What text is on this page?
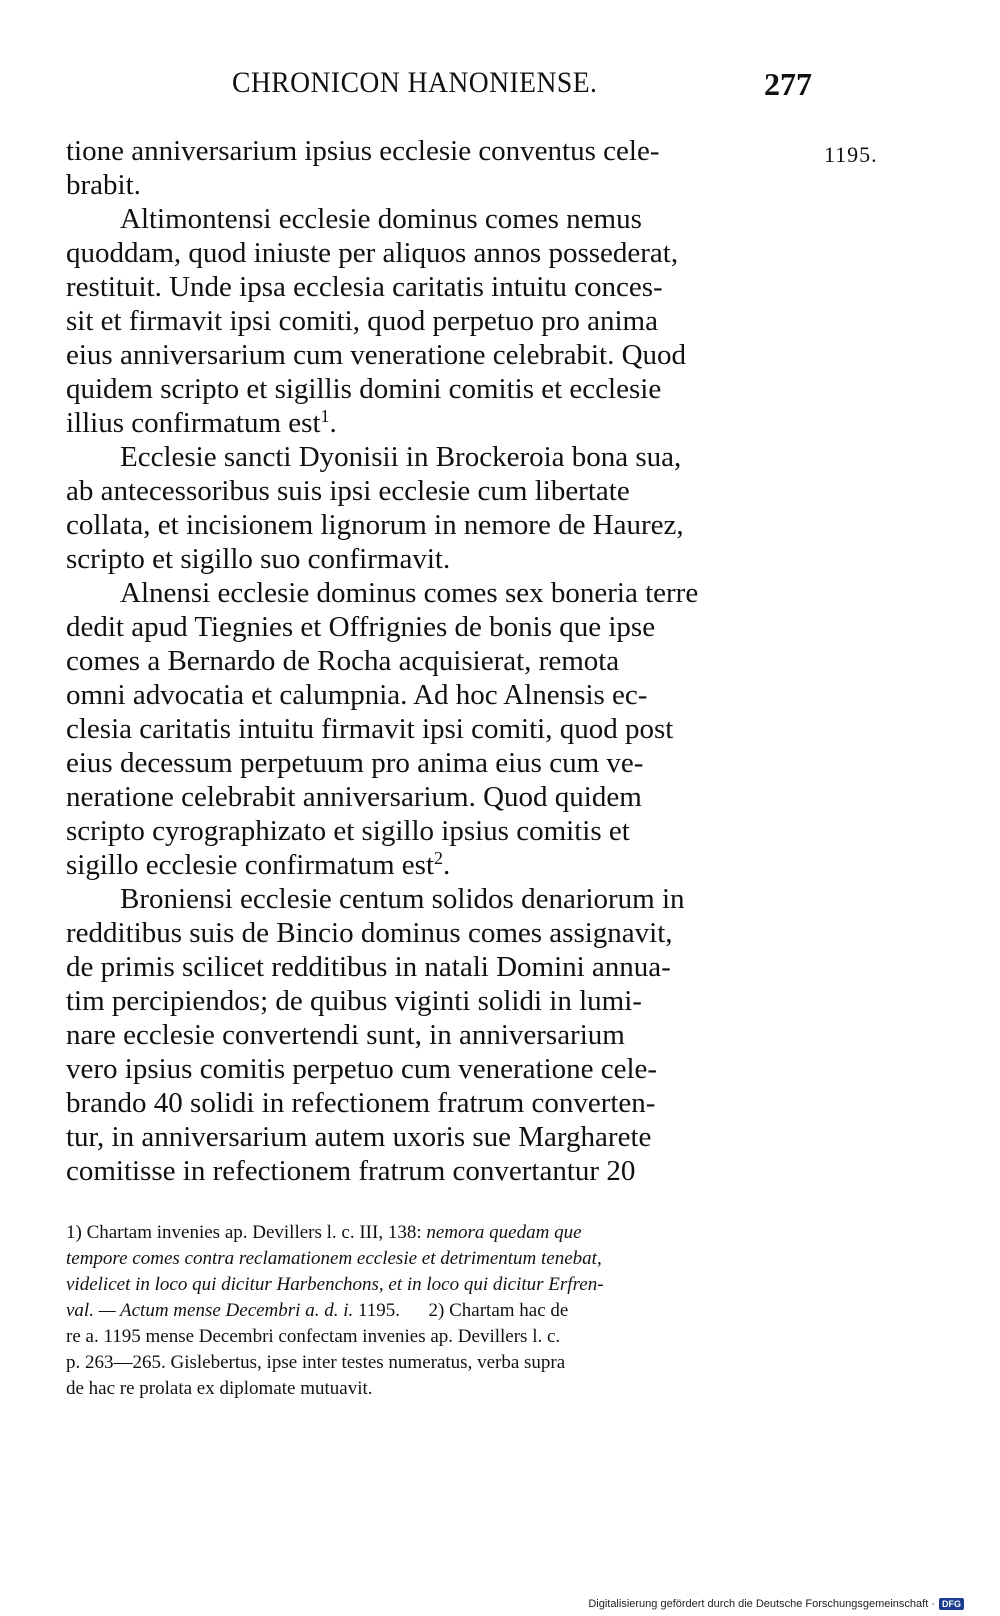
CHRONICON HANONIENSE.	277
1195.
tione anniversarium ipsius ecclesie conventus cele-
brabit.
Altimontensi ecclesie dominus comes nemus
quoddam, quod iniuste per aliquos annos possederat,
restituit. Unde ipsa ecclesia caritatis intuitu conces-
sit et firmavit ipsi comiti, quod perpetuo pro anima
eius anniversarium cum veneratione celebrabit. Quod
quidem scripto et sigillis domini comitis et ecclesie
illius confirmatum est$^1$.
Ecclesie sancti Dyonisii in Brockeroia bona sua,
ab antecessoribus suis ipsi ecclesie cum libertate
collata, et incisionem lignorum in nemore de Haurez,
scripto et sigillo suo confirmavit.
Alnensi ecclesie dominus comes sex boneria terre
dedit apud Tiegnies et Offrignies de bonis que ipse
comes a Bernardo de Rocha acquisierat, remota
omni advocatia et calumpnia. Ad hoc Alnensis ec-
clesia caritatis intuitu firmavit ipsi comiti, quod post
eius decessum perpetuum pro anima eius cum ve-
neratione celebrabit anniversarium. Quod quidem
scripto cyrographizato et sigillo ipsius comitis et
sigillo ecclesie confirmatum est$^2$.
Broniensi ecclesie centum solidos denariorum in
redditibus suis de Bincio dominus comes assignavit,
de primis scilicet redditibus in natali Domini annua-
tim percipiendos; de quibus viginti solidi in lumi-
nare ecclesie convertendi sunt, in anniversarium
vero ipsius comitis perpetuo cum veneratione cele-
brando 40 solidi in refectionem fratrum converten-
tur, in anniversarium autem uxoris sue Margharete
comitisse in refectionem fratrum convertantur 20
1) Chartam invenies ap. Devillers l. c. III, 138: nemora quedam que
tempore comes contra reclamationem ecclesie et detrimentum tenebat,
videlicet in loco qui dicitur Harbenchons, et in loco qui dicitur Erfren-
val. — Actum mense Decembri a. d. i. 1195.      2) Chartam hac de
re a. 1195 mense Decembri confectam invenies ap. Devillers l. c.
p. 263—265. Gislebertus, ipse inter testes numeratus, verba supra
de hac re prolata ex diplomate mutuavit.
Digitalisierung gefördert durch die Deutsche Forschungsgemeinschaft · DFG
